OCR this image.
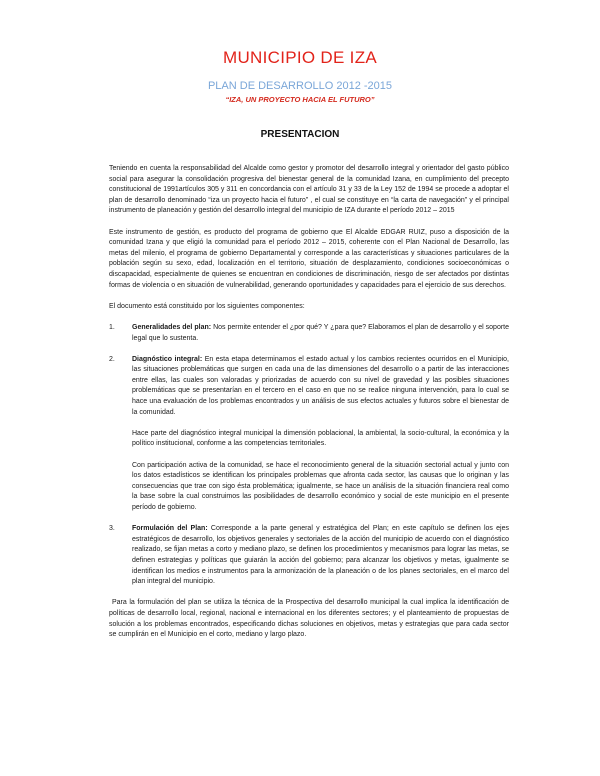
MUNICIPIO DE IZA
PLAN DE DESARROLLO 2012 -2015
“IZA, UN PROYECTO HACIA EL FUTURO”
PRESENTACION

Teniendo en cuenta la responsabilidad del Alcalde como gestor y promotor del desarrollo integral y orientador del gasto público social para asegurar la consolidación progresiva del bienestar general de la comunidad Izana, en cumplimiento del precepto constitucional de 1991artículos 305 y 311 en concordancia con el artículo 31 y 33 de la Ley 152 de 1994 se procede a adoptar el plan de desarrollo denominado “iza un proyecto hacia el futuro” , el cual se constituye en “la carta de navegación” y el principal instrumento de planeación y gestión del desarrollo integral del municipio de IZA durante el período 2012 – 2015

Este instrumento de gestión, es producto del programa de gobierno que El Alcalde EDGAR RUIZ, puso a disposición de la comunidad Izana y que eligió la comunidad para el período 2012 – 2015, coherente con el Plan Nacional de Desarrollo, las metas del milenio, el programa de gobierno Departamental y corresponde a las características y situaciones particulares de la población según su sexo, edad, localización en el territorio, situación de desplazamiento, condiciones socioeconómicas o discapacidad, especialmente de quienes se encuentran en condiciones de discriminación, riesgo de ser afectados por distintas formas de violencia o en situación de vulnerabilidad, generando oportunidades y capacidades para el ejercicio de sus derechos.

El documento está constituido por los siguientes componentes:

1.	Generalidades del plan: Nos permite entender el ¿por qué? Y ¿para que? Elaboramos el plan de desarrollo y el soporte legal que lo sustenta.

2.	Diagnóstico integral: En esta etapa determinamos el estado actual y los cambios recientes ocurridos en el Municipio, las situaciones problemáticas que surgen en cada una de las dimensiones del desarrollo o a partir de las interacciones entre ellas, las cuales son valoradas y priorizadas de acuerdo con su nivel de gravedad y las posibles situaciones problemáticas que se presentarían en el tercero en el caso en que no se realice ninguna intervención, para lo cual se hace una evaluación de los problemas encontrados y un análisis de sus efectos actuales y futuros sobre el bienestar de la comunidad.

Hace parte del diagnóstico integral municipal la dimensión poblacional, la ambiental, la socio-cultural, la económica y la político institucional, conforme a las competencias territoriales.

Con participación activa de la comunidad, se hace el reconocimiento general de la situación sectorial actual y junto con los datos estadísticos se identifican los principales problemas que afronta cada sector, las causas que lo originan y las consecuencias que trae con sigo ésta problemática; igualmente, se hace un análisis de la situación financiera real como la base sobre la cual construimos las posibilidades de desarrollo económico y social de este municipio en el presente período de gobierno.

3.	Formulación del Plan: Corresponde a la parte general y estratégica del Plan; en este capítulo se definen los ejes estratégicos de desarrollo, los objetivos generales y sectoriales de la acción del municipio de acuerdo con el diagnóstico realizado, se fijan metas a corto y mediano plazo, se definen los procedimientos y mecanismos para lograr las metas, se definen estrategias y políticas que guiarán la acción del gobierno; para alcanzar los objetivos y metas, igualmente se identifican los medios e instrumentos para la armonización de la planeación o de los planes sectoriales, en el marco del plan integral del municipio.

Para la formulación del plan se utiliza la técnica de la Prospectiva del desarrollo municipal la cual implica la identificación de políticas de desarrollo local, regional, nacional e internacional en los diferentes sectores; y el planteamiento de propuestas de solución a los problemas encontrados, especificando dichas soluciones en objetivos, metas y estrategias que para cada sector se cumplirán en el Municipio en el corto, mediano y largo plazo.
